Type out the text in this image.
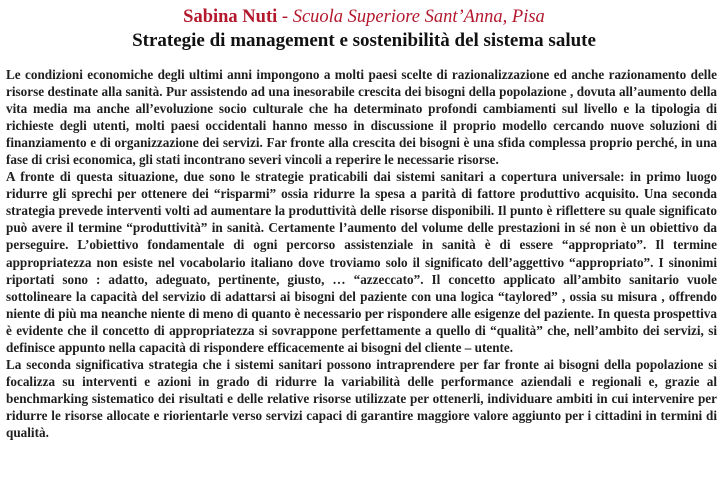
Sabina Nuti - Scuola Superiore Sant’Anna, Pisa
Strategie di management e sostenibilità del sistema salute

Le condizioni economiche degli ultimi anni impongono a molti paesi scelte di razionalizzazione ed anche razionamento delle risorse destinate alla sanità. Pur assistendo ad una inesorabile crescita dei bisogni della popolazione , dovuta all’aumento della vita media ma anche all’evoluzione socio culturale che ha determinato profondi cambiamenti sul livello e la tipologia di richieste degli utenti, molti paesi occidentali hanno messo in discussione il proprio modello cercando nuove soluzioni di finanziamento e di organizzazione dei servizi. Far fronte alla crescita dei bisogni è una sfida complessa proprio perché, in una fase di crisi economica, gli stati incontrano severi vincoli a reperire le necessarie risorse.

A fronte di questa situazione, due sono le strategie praticabili dai sistemi sanitari a copertura universale: in primo luogo ridurre gli sprechi per ottenere dei “risparmi” ossia ridurre la spesa a parità di fattore produttivo acquisito. Una seconda strategia prevede interventi volti ad aumentare la produttività delle risorse disponibili. Il punto è riflettere su quale significato può avere il termine “produttività” in sanità. Certamente l’aumento del volume delle prestazioni in sé non è un obiettivo da perseguire. L’obiettivo fondamentale di ogni percorso assistenziale in sanità è di essere “appropriato”. Il termine appropriatezza non esiste nel vocabolario italiano dove troviamo solo il significato dell’aggettivo “appropriato”. I sinonimi riportati sono : adatto, adeguato, pertinente, giusto, … “azzeccato”. Il concetto applicato all’ambito sanitario vuole sottolineare la capacità del servizio di adattarsi ai bisogni del paziente con una logica “taylored” , ossia su misura , offrendo niente di più ma neanche niente di meno di quanto è necessario per rispondere alle esigenze del paziente. In questa prospettiva è evidente che il concetto di appropriatezza si sovrappone perfettamente a quello di “qualità” che, nell’ambito dei servizi, si definisce appunto nella capacità di rispondere efficacemente ai bisogni del cliente – utente.

La seconda significativa strategia che i sistemi sanitari possono intraprendere per far fronte ai bisogni della popolazione si focalizza su interventi e azioni in grado di ridurre la variabilità delle performance aziendali e regionali e, grazie al benchmarking sistematico dei risultati e delle relative risorse utilizzate per ottenerli, individuare ambiti in cui intervenire per ridurre le risorse allocate e riorientarle verso servizi capaci di garantire maggiore valore aggiunto per i cittadini in termini di qualità.
